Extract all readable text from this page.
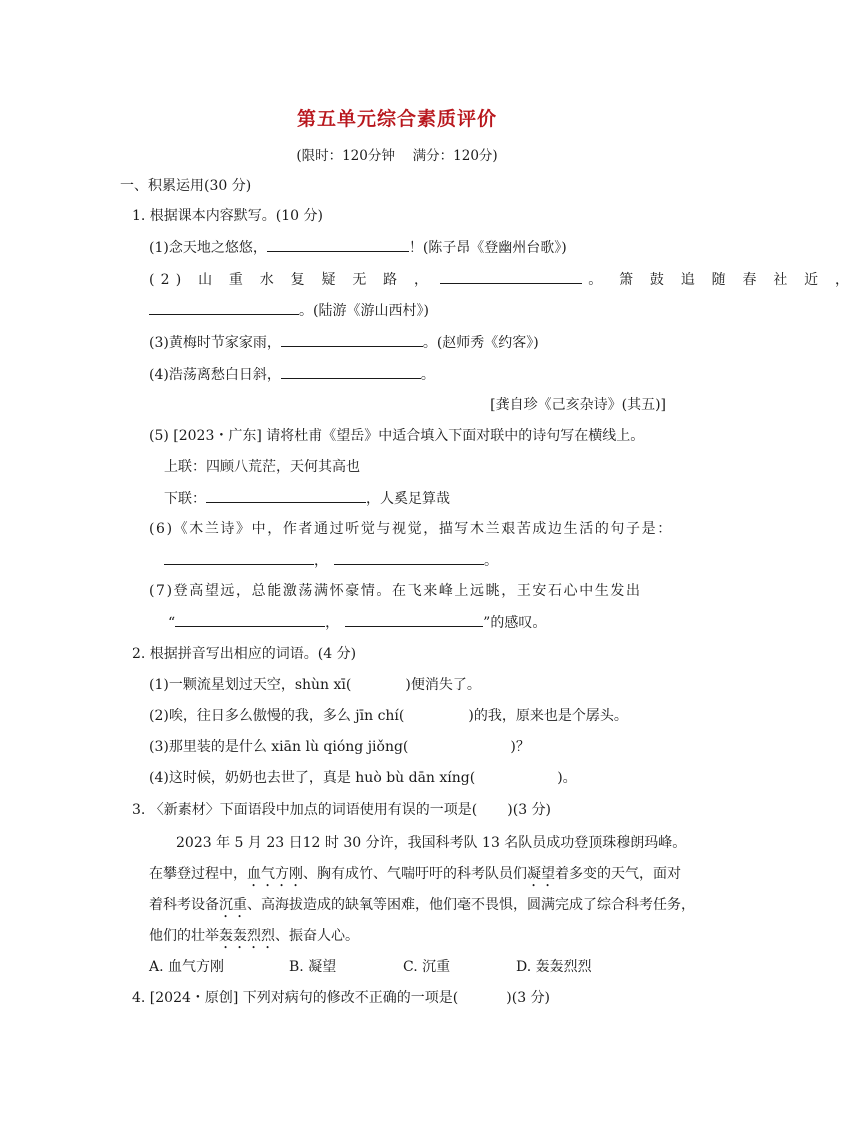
第五单元综合素质评价
(限时：120分钟　 满分：120分)
一、积累运用(30 分)
1. 根据课本内容默写。(10 分)
(1)念天地之悠悠，	！(陈子昂《登幽州台歌》)
(2) 山 重 水 复 疑 无 路 ，	。 箫 鼓 追 随 春 社 近 ，
。(陆游《游山西村》)
(3)黄梅时节家家雨，	。(赵师秀《约客》)
(4)浩荡离愁白日斜，	。
[龚自珍《己亥杂诗》(其五)]
(5) [2023・广东] 请将杜甫《望岳》中适合填入下面对联中的诗句写在横线上。
上联：四顾八荒茫，天何其高也
下联：	，人奚足算哉
(6)《木兰诗》中，作者通过听觉与视觉，描写木兰艰苦成边生活的句子是：
，	。
(7)登高望远，总能激荡满怀豪情。在飞来峰上远眺，王安石心中生发出
“	，	”的感叹。
2. 根据拼音写出相应的词语。(4 分)
(1)一颗流星划过天空，shùn xī(	)便消失了。
(2)唉，往日多么傲慢的我，多么 jīn chí(	)的我，原来也是个孱头。
(3)那里装的是什么 xiān lù qióng jiǒng(	)？
(4)这时候，奶奶也去世了，真是 huò bù dān xíng(	)。
3. 〈新素材〉下面语段中加点的词语使用有误的一项是( )(3 分)
2023 年 5 月 23 日12 时 30 分许，我国科考队 13 名队员成功登顶珠穆朗玛峰。
在攀登过程中，血气方刚、胸有成竹、气喘吁吁的科考队员们凝望着多变的天气，面对
着科考设备沉重、高海拔造成的缺氧等困难，他们毫不畏惧，圆满完成了综合科考任务，
他们的壮举轰轰烈烈、振奋人心。
A. 血气方刚	B. 凝望	C. 沉重	D. 轰轰烈烈
4. [2024・原创] 下列对病句的修改不正确的一项是(	)(3 分)
